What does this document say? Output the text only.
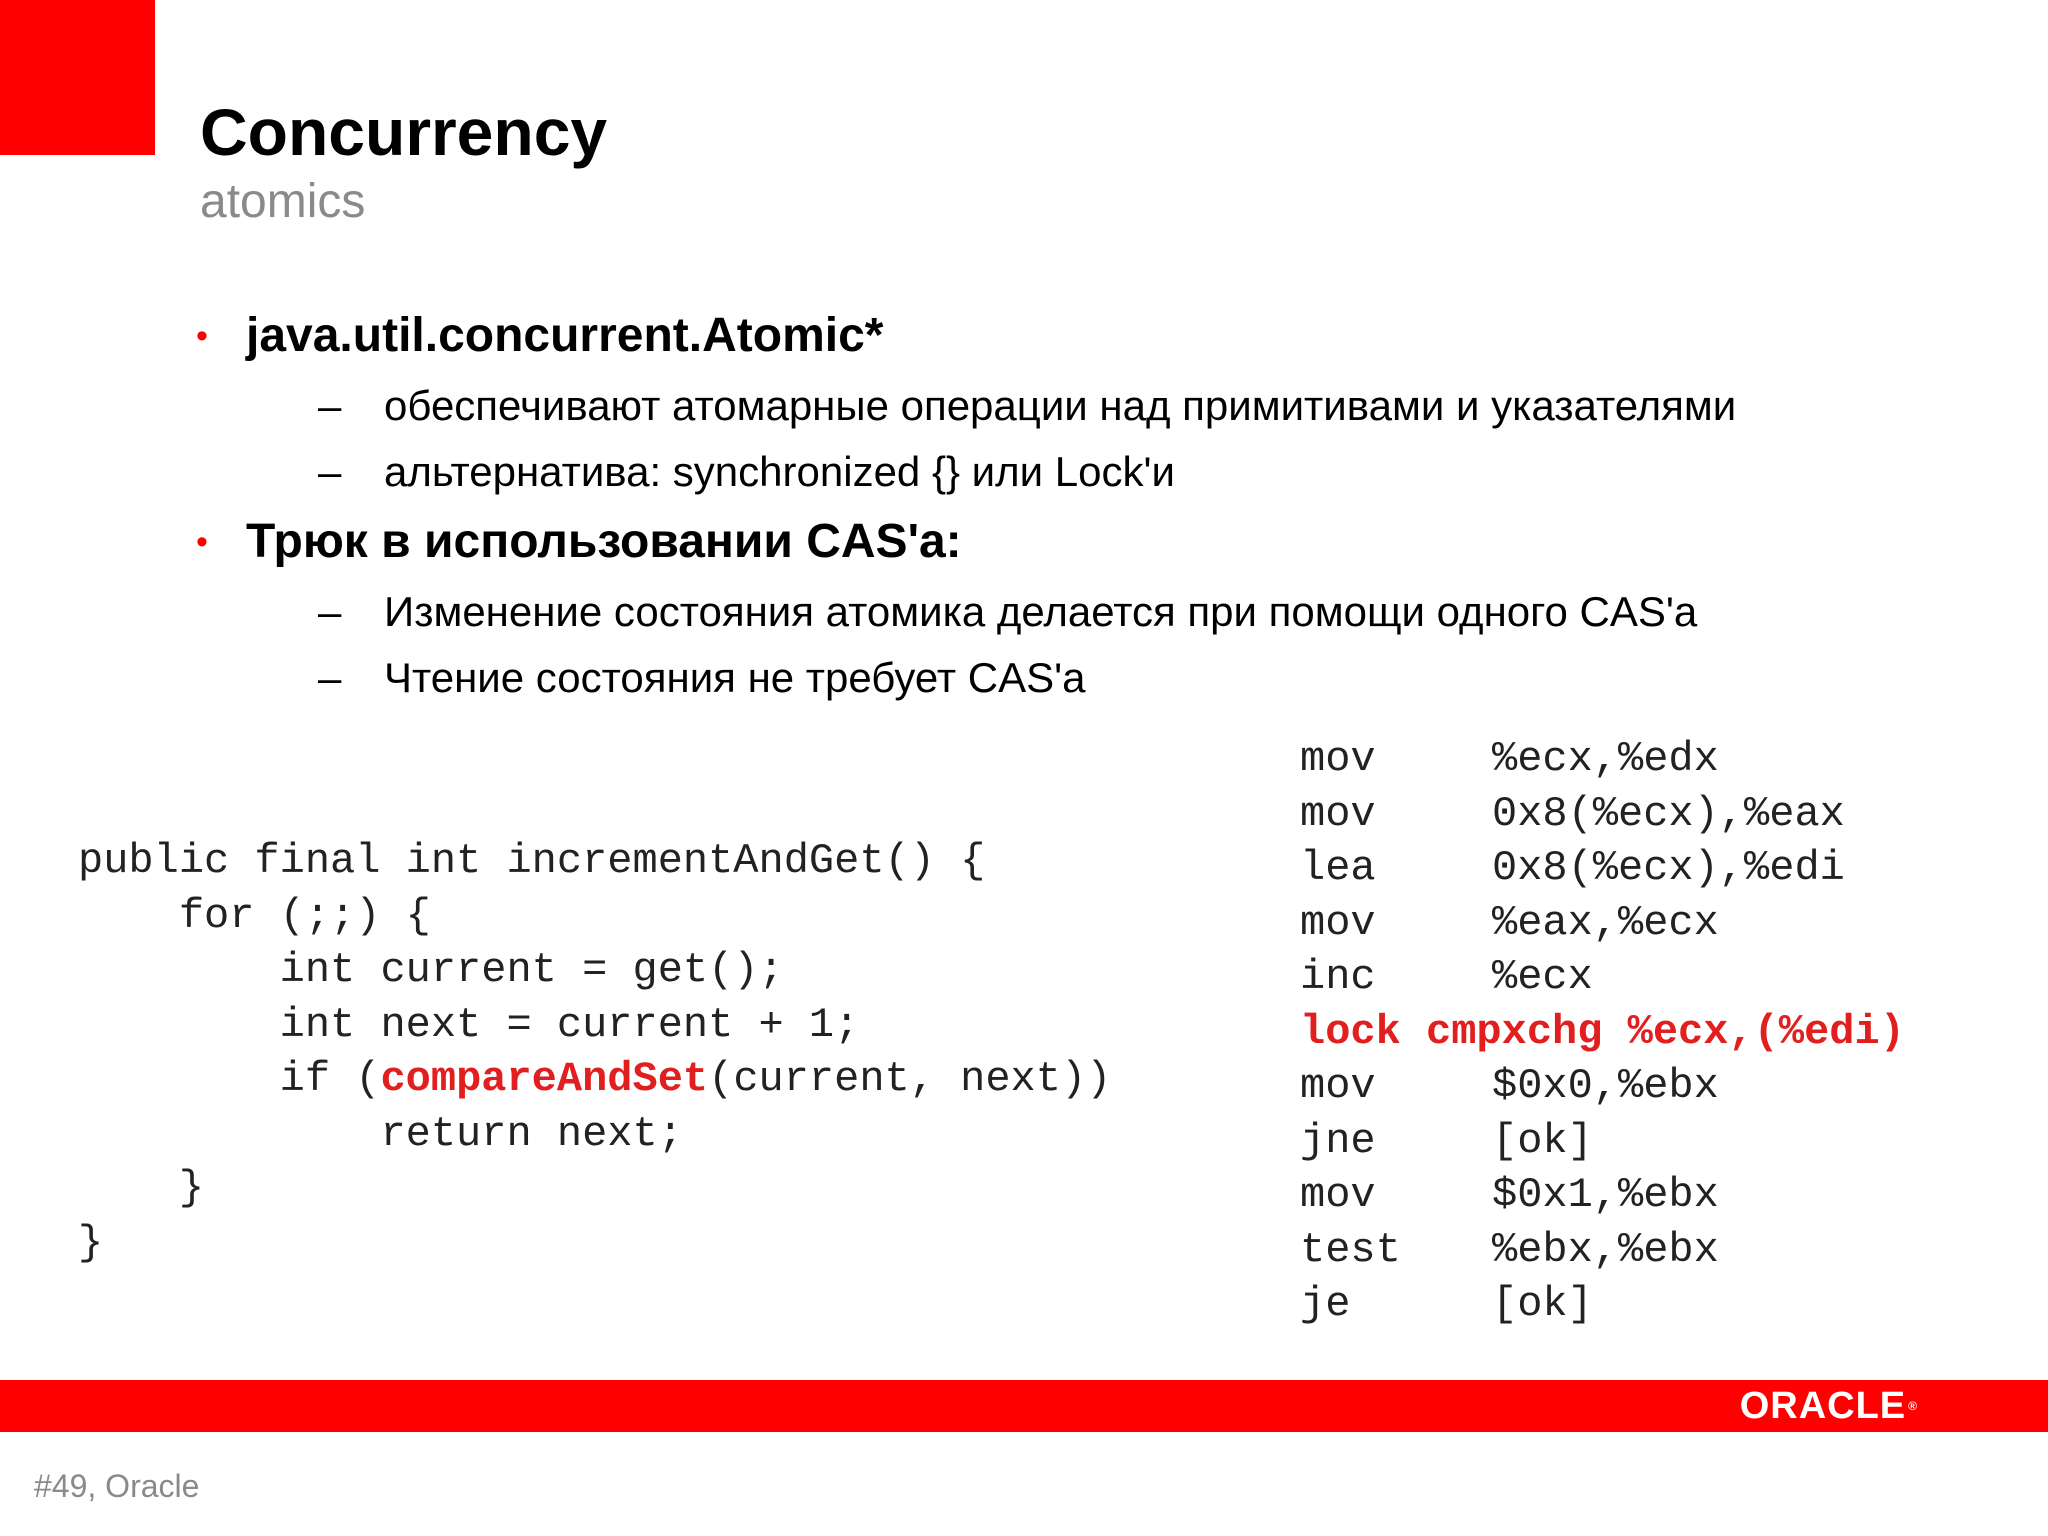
Concurrency
atomics
• java.util.concurrent.Atomic*
– обеспечивают атомарные операции над примитивами и указателями
– альтернатива: synchronized {} или Lock'и
• Трюк в использовании CAS'а:
– Изменение состояния атомика делается при помощи одного CAS'а
– Чтение состояния не требует CAS'а
public final int incrementAndGet() {
for (;;) {
int current = get();
int next = current + 1;
if (compareAndSet(current, next))
return next;
}
}
mov	%ecx,%edx
mov	0x8(%ecx),%eax
lea	0x8(%ecx),%edi
mov	%eax,%ecx
inc	%ecx
lock cmpxchg %ecx,(%edi)
mov	$0x0,%ebx
jne	[ok]
mov	$0x1,%ebx
test %ebx,%ebx
je	[ok]
ORACLE ®
#49, Oracle
